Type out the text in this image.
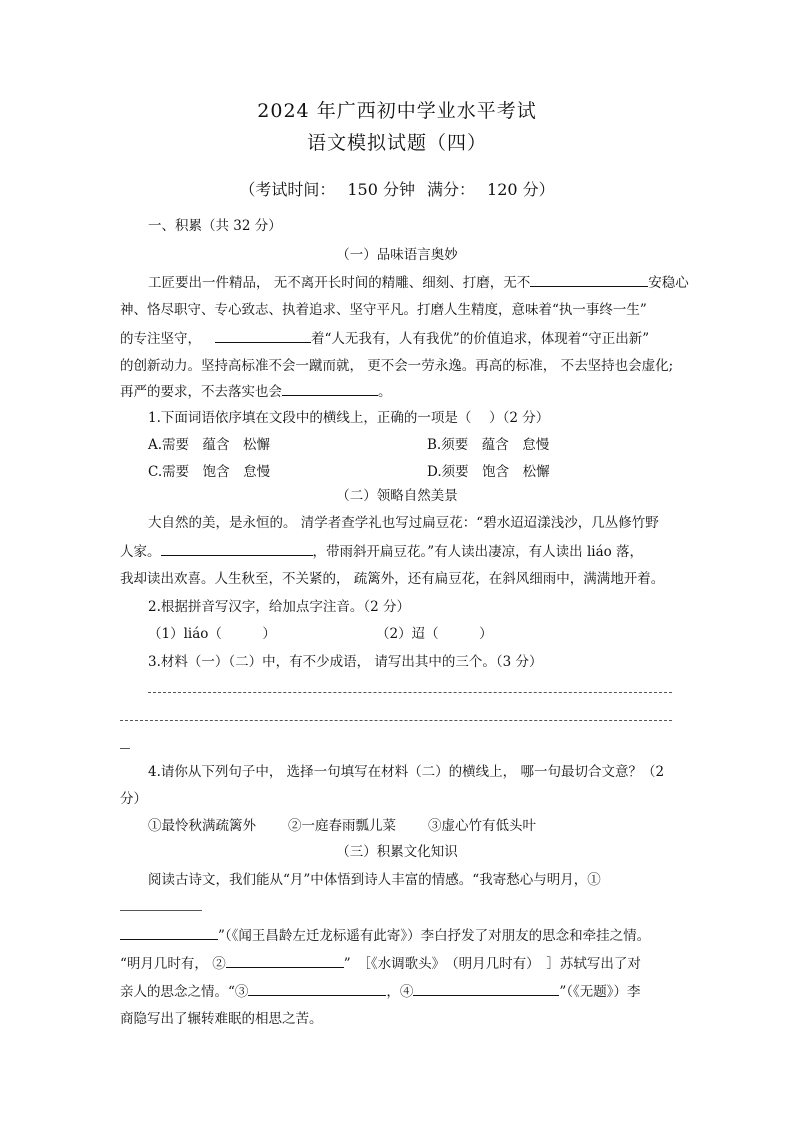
2024 年广西初中学业水平考试
语文模拟试题（四）
（考试时间： 150 分钟 满分： 120 分）
一、积累（共 32 分）
（一）品味语言奥妙
工匠要出一件精品， 无不离开长时间的精雕、细刻、打磨，无不	安稳心
神、恪尽职守、专心致志、执着追求、坚守平凡。打磨人生精度，意味着“执一事终一生”
的专注坚守，	着“人无我有，人有我优”的价值追求，体现着“守正出新”
的创新动力。坚持高标准不会一蹴而就， 更不会一劳永逸。再高的标准， 不去坚持也会虚化;
再严的要求，不去落实也会	。
1.下面词语依序填在文段中的横线上，正确的一项是（　 ）（2 分）
A.需要　蕴含　松懈	B.须要　蕴含　怠慢
C.需要　饱含　怠慢	D.须要　饱含　松懈
（二）领略自然美景
大自然的美，是永恒的。 清学者查学礼也写过扁豆花：“碧水迢迢漾浅沙，几丛修竹野
人家。	，带雨斜开扁豆花。”有人读出凄凉，有人读出 liáo 落，
我却读出欢喜。人生秋至，不关紧的， 疏篱外，还有扁豆花，在斜风细雨中，满满地开着。
2.根据拼音写汉字，给加点字注音。（2 分）
（1）liáo（　　　）	（2）迢（　　　）
3.材料（一）（二）中，有不少成语， 请写出其中的三个。（3 分）
4.请你从下列句子中， 选择一句填写在材料（二）的横线上， 哪一句最切合文意？（2
分）
①最怜秋满疏篱外 ②一庭春雨瓢儿菜 ③虚心竹有低头叶
（三）积累文化知识
阅读古诗文，我们能从“月”中体悟到诗人丰富的情感。“我寄愁心与明月，①
”（《闻王昌龄左迁龙标遥有此寄》）李白抒发了对朋友的思念和牵挂之情。
“明月几时有， ②	”　［《水调歌头》　（明月几时有）　］苏轼写出了对
亲人的思念之情。“③	，④	”（《无题》）李
商隐写出了辗转难眠的相思之苦。
